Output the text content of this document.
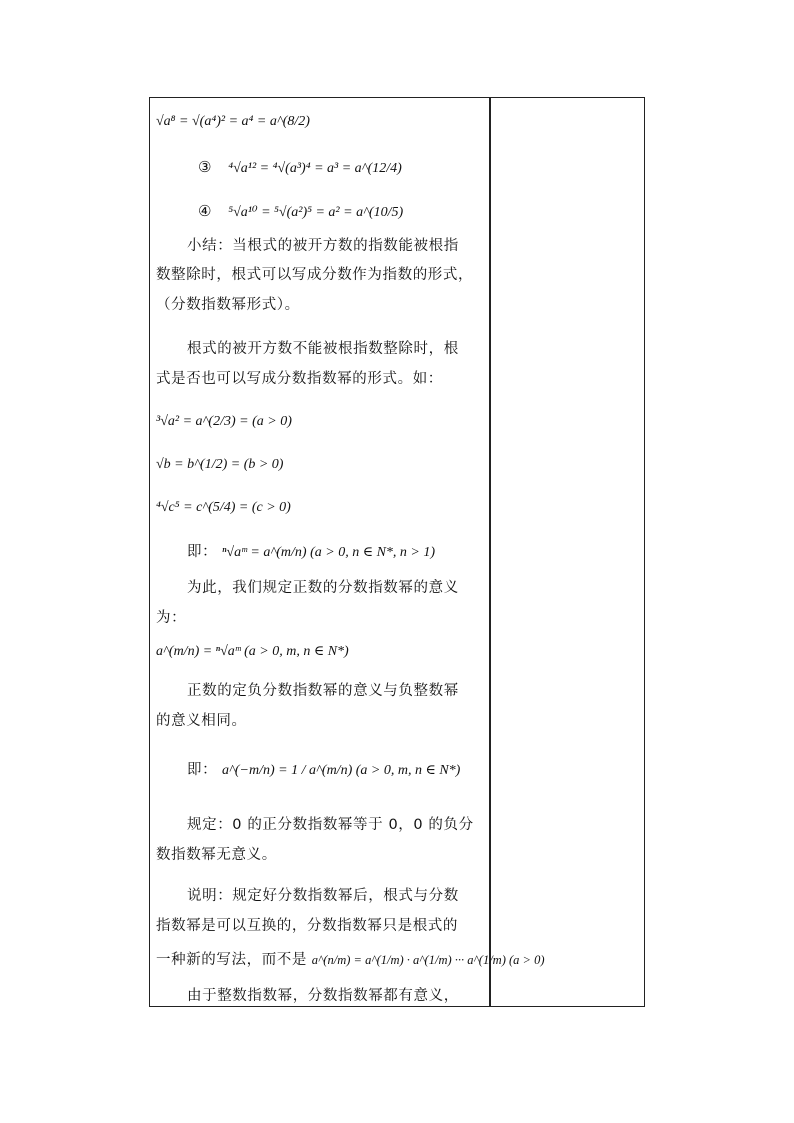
√a⁸ = √(a⁴)² = a⁴ = a^(8/2)
③ ⁴√a¹² = ⁴√(a³)⁴ = a³ = a^(12/4)
④ ⁵√a¹⁰ = ⁵√(a²)⁵ = a² = a^(10/5)
小结：当根式的被开方数的指数能被根指
数整除时，根式可以写成分数作为指数的形式，
（分数指数幂形式）。
根式的被开方数不能被根指数整除时，根
式是否也可以写成分数指数幂的形式。如：
³√a² = a^(2/3) = (a > 0)
√b = b^(1/2) = (b > 0)
⁴√c⁵ = c^(5/4) = (c > 0)
即： ⁿ√aᵐ = a^(m/n) (a > 0, n ∈ N*, n > 1)
为此，我们规定正数的分数指数幂的意义
为：
a^(m/n) = ⁿ√aᵐ (a > 0, m, n ∈ N*)
正数的定负分数指数幂的意义与负整数幂
的意义相同。
即： a^(−m/n) = 1 / a^(m/n) (a > 0, m, n ∈ N*)
规定：0 的正分数指数幂等于 0，0 的负分
数指数幂无意义。
说明：规定好分数指数幂后，根式与分数
指数幂是可以互换的，分数指数幂只是根式的
一种新的写法，而不是 a^(n/m) = a^(1/m) · a^(1/m) ··· a^(1/m) (a > 0)
由于整数指数幂，分数指数幂都有意义，
